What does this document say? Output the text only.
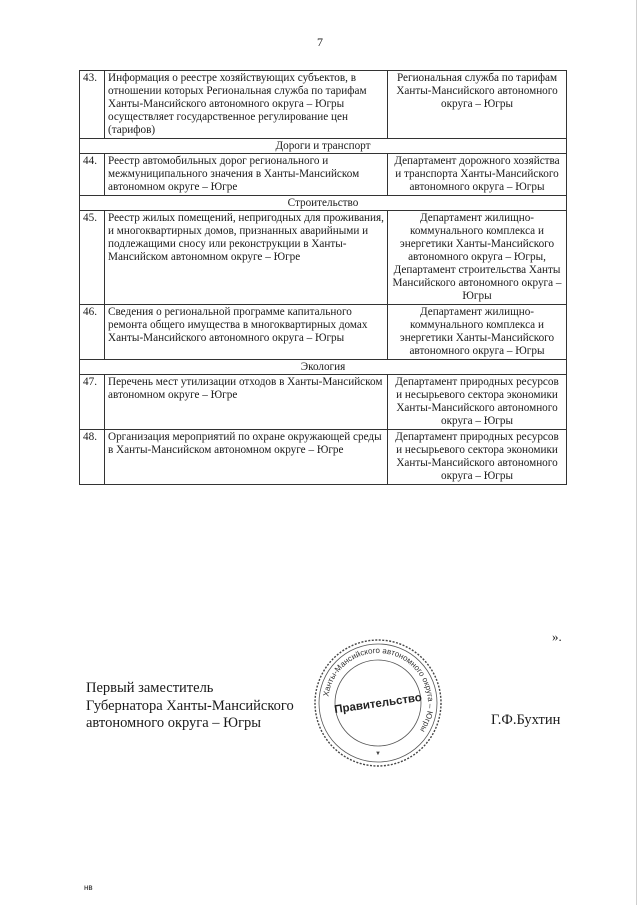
7
43.	Информация о реестре хозяйствующих субъектов, в отношении которых Региональная служба по тарифам Ханты-Мансийского автономного округа – Югры осуществляет государственное регулирование цен (тарифов)	Региональная служба по тарифам Ханты-Мансийского автономного округа – Югры
Дороги и транспорт		
44.	Реестр автомобильных дорог регионального и межмуниципального значения в Ханты-Мансийском автономном округе – Югре	Департамент дорожного хозяйства и транспорта Ханты-Мансийского автономного округа – Югры
Строительство		
45.	Реестр жилых помещений, непригодных для проживания, и многоквартирных домов, признанных аварийными и подлежащими сносу или реконструкции в Ханты-Мансийском автономном округе – Югре	Департамент жилищно-коммунального комплекса и энергетики Ханты-Мансийского автономного округа – Югры, Департамент строительства Ханты Мансийского автономного округа – Югры
46.	Сведения о региональной программе капитального ремонта общего имущества в многоквартирных домах Ханты-Мансийского автономного округа – Югры	Департамент жилищно-коммунального комплекса и энергетики Ханты-Мансийского автономного округа – Югры
Экология		
47.	Перечень мест утилизации отходов в Ханты-Мансийском автономном округе – Югре	Департамент природных ресурсов и несырьевого сектора экономики Ханты-Мансийского автономного округа – Югры
48.	Организация мероприятий по охране окружающей среды в Ханты-Мансийском автономном округе – Югре	Департамент природных ресурсов и несырьевого сектора экономики Ханты-Мансийского автономного округа – Югры
».
Первый заместитель
Губернатора Ханты-Мансийского
автономного округа – Югры
Ханты-Мансийского автономного округа – Югры
Правительство
▼
Г.Ф.Бухтин
нв
